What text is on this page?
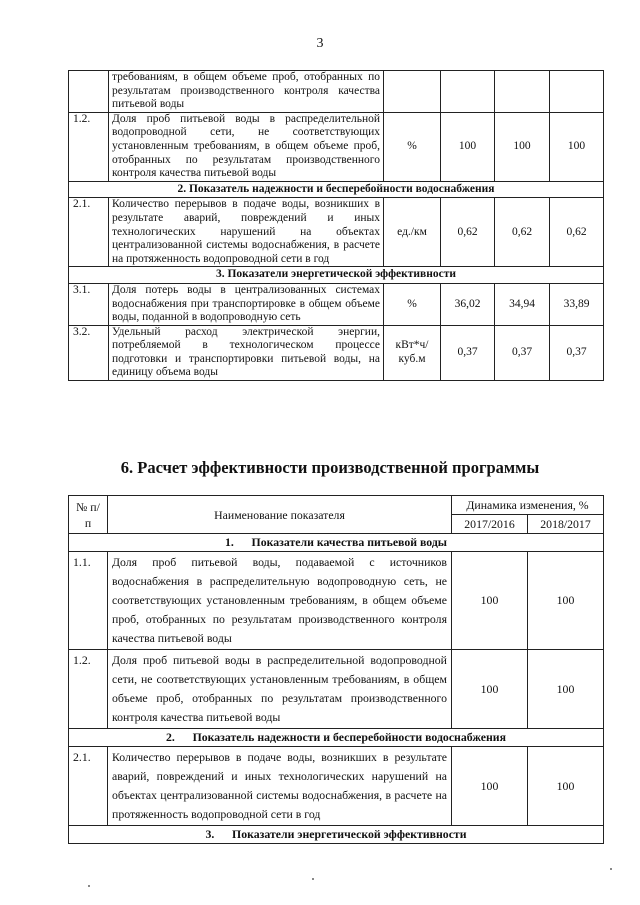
3
	требованиям, в общем объеме проб, отобранных по результатам производственного контроля качества питьевой воды				
1.2.	Доля проб питьевой воды в распределительной водопроводной сети, не соответствующих установленным требованиям, в общем объеме проб, отобранных по результатам производственного контроля качества питьевой воды	%	100	100	100
2. Показатель надежности и бесперебойности водоснабжения					
2.1.	Количество перерывов в подаче воды, возникших в результате аварий, повреждений и иных технологических нарушений на объектах централизованной системы водоснабжения, в расчете на протяженность водопроводной сети в год	ед./км	0,62	0,62	0,62
3. Показатели энергетической эффективности					
3.1.	Доля потерь воды в централизованных системах водоснабжения при транспортировке в общем объеме воды, поданной в водопроводную сеть	%	36,02	34,94	33,89
3.2.	Удельный расход электрической энергии, потребляемой в технологическом процессе подготовки и транспортировки питьевой воды, на единицу объема воды	кВт*ч/ куб.м	0,37	0,37	0,37
6. Расчет эффективности производственной программы
№ п/п	Наименование показателя	Динамика изменения, %	
		2017/2016	2018/2017
1. Показатели качества питьевой воды			
1.1.	Доля проб питьевой воды, подаваемой с источников водоснабжения в распределительную водопроводную сеть, не соответствующих установленным требованиям, в общем объеме проб, отобранных по результатам производственного контроля качества питьевой воды	100	100
1.2.	Доля проб питьевой воды в распределительной водопроводной сети, не соответствующих установленным требованиям, в общем объеме проб, отобранных по результатам производственного контроля качества питьевой воды	100	100
2. Показатель надежности и бесперебойности водоснабжения			
2.1.	Количество перерывов в подаче воды, возникших в результате аварий, повреждений и иных технологических нарушений на объектах централизованной системы водоснабжения, в расчете на протяженность водопроводной сети в год	100	100
3. Показатели энергетической эффективности			
